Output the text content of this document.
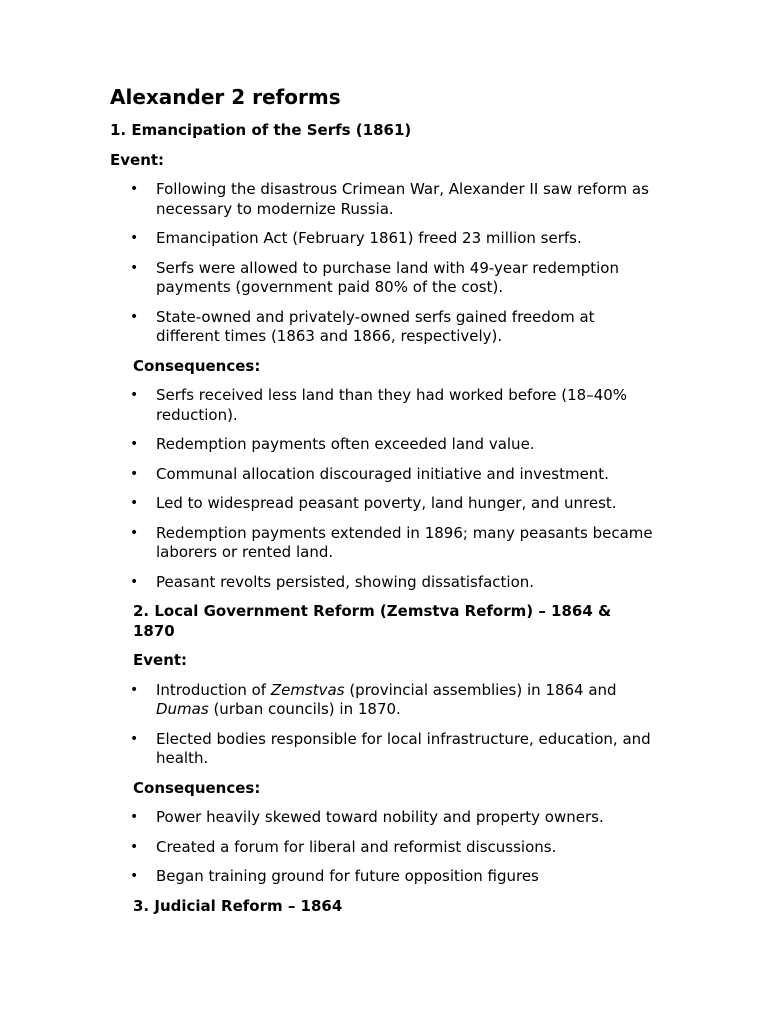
Alexander 2 reforms
1. Emancipation of the Serfs (1861)
Event:
• Following the disastrous Crimean War, Alexander II saw reform as necessary to modernize Russia.
• Emancipation Act (February 1861) freed 23 million serfs.
• Serfs were allowed to purchase land with 49-year redemption payments (government paid 80% of the cost).
• State-owned and privately-owned serfs gained freedom at different times (1863 and 1866, respectively).
Consequences:
• Serfs received less land than they had worked before (18–40% reduction).
• Redemption payments often exceeded land value.
• Communal allocation discouraged initiative and investment.
• Led to widespread peasant poverty, land hunger, and unrest.
• Redemption payments extended in 1896; many peasants became laborers or rented land.
• Peasant revolts persisted, showing dissatisfaction.
2. Local Government Reform (Zemstva Reform) – 1864 & 1870
Event:
• Introduction of Zemstvas (provincial assemblies) in 1864 and Dumas (urban councils) in 1870.
• Elected bodies responsible for local infrastructure, education, and health.
Consequences:
• Power heavily skewed toward nobility and property owners.
• Created a forum for liberal and reformist discussions.
• Began training ground for future opposition figures
3. Judicial Reform – 1864
